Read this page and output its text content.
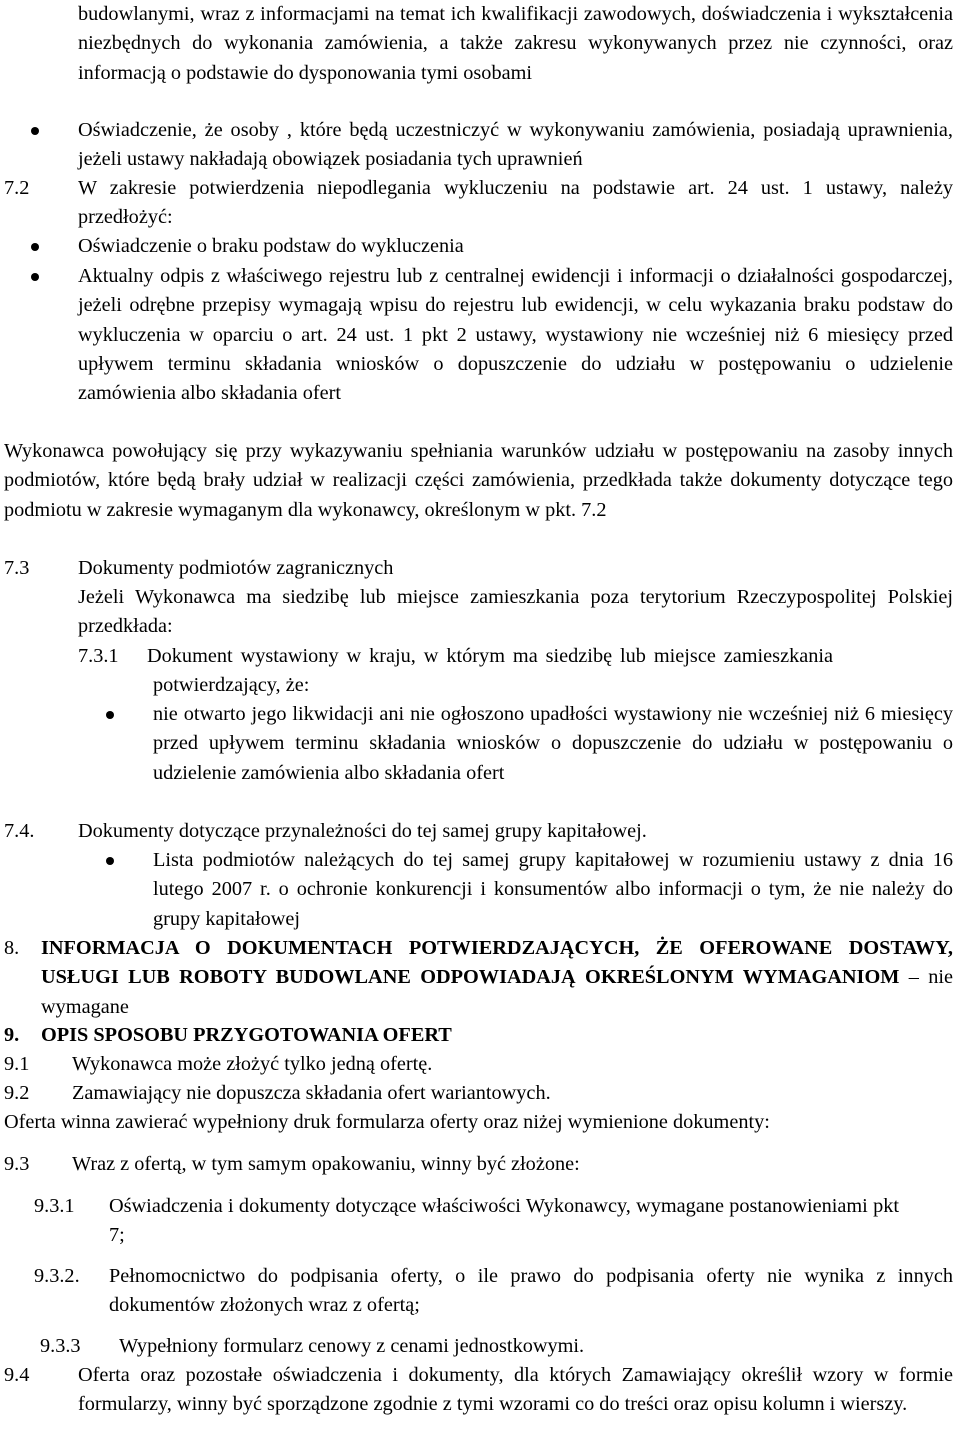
budowlanymi, wraz z informacjami na temat ich kwalifikacji zawodowych, doświadczenia i wykształcenia niezbędnych do wykonania zamówienia, a także zakresu wykonywanych przez nie czynności, oraz informacją o podstawie do dysponowania tymi osobami
Oświadczenie, że osoby , które będą uczestniczyć w wykonywaniu zamówienia, posiadają uprawnienia, jeżeli ustawy nakładają obowiązek posiadania tych uprawnień
7.2 W zakresie potwierdzenia niepodlegania wykluczeniu na podstawie art. 24 ust. 1 ustawy, należy przedłożyć:
Oświadczenie o braku podstaw do wykluczenia
Aktualny odpis z właściwego rejestru lub z centralnej ewidencji i informacji o działalności gospodarczej, jeżeli odrębne przepisy wymagają wpisu do rejestru lub ewidencji, w celu wykazania braku podstaw do wykluczenia w oparciu o art. 24 ust. 1 pkt 2 ustawy, wystawiony nie wcześniej niż 6 miesięcy przed upływem terminu składania wniosków o dopuszczenie do udziału w postępowaniu o udzielenie zamówienia albo składania ofert
Wykonawca powołujący się przy wykazywaniu spełniania warunków udziału w postępowaniu na zasoby innych podmiotów, które będą brały udział w realizacji części zamówienia, przedkłada także dokumenty dotyczące tego podmiotu w zakresie wymaganym dla wykonawcy, określonym w pkt. 7.2
7.3 Dokumenty podmiotów zagranicznych
Jeżeli Wykonawca ma siedzibę lub miejsce zamieszkania poza terytorium Rzeczypospolitej Polskiej przedkłada:
7.3.1 Dokument wystawiony w kraju, w którym ma siedzibę lub miejsce zamieszkania potwierdzający, że:
nie otwarto jego likwidacji ani nie ogłoszono upadłości wystawiony nie wcześniej niż 6 miesięcy przed upływem terminu składania wniosków o dopuszczenie do udziału w postępowaniu o udzielenie zamówienia albo składania ofert
7.4. Dokumenty dotyczące przynależności do tej samej grupy kapitałowej.
Lista podmiotów należących do tej samej grupy kapitałowej w rozumieniu ustawy z dnia 16 lutego 2007 r. o ochronie konkurencji i konsumentów albo informacji o tym, że nie należy do grupy kapitałowej
8. INFORMACJA O DOKUMENTACH POTWIERDZAJĄCYCH, ŻE OFEROWANE DOSTAWY, USŁUGI LUB ROBOTY BUDOWLANE ODPOWIADAJĄ OKREŚLONYM WYMAGANIOM – nie wymagane
9. OPIS SPOSOBU PRZYGOTOWANIA OFERT
9.1 Wykonawca może złożyć tylko jedną ofertę.
9.2 Zamawiający nie dopuszcza składania ofert wariantowych.
Oferta winna zawierać wypełniony druk formularza oferty oraz niżej wymienione dokumenty:
9.3 Wraz z ofertą, w tym samym opakowaniu, winny być złożone:
9.3.1 Oświadczenia i dokumenty dotyczące właściwości Wykonawcy, wymagane postanowieniami pkt 7;
9.3.2. Pełnomocnictwo do podpisania oferty, o ile prawo do podpisania oferty nie wynika z innych dokumentów złożonych wraz z ofertą;
9.3.3 Wypełniony formularz cenowy z cenami jednostkowymi.
9.4 Oferta oraz pozostałe oświadczenia i dokumenty, dla których Zamawiający określił wzory w formie formularzy, winny być sporządzone zgodnie z tymi wzorami co do treści oraz opisu kolumn i wierszy.
